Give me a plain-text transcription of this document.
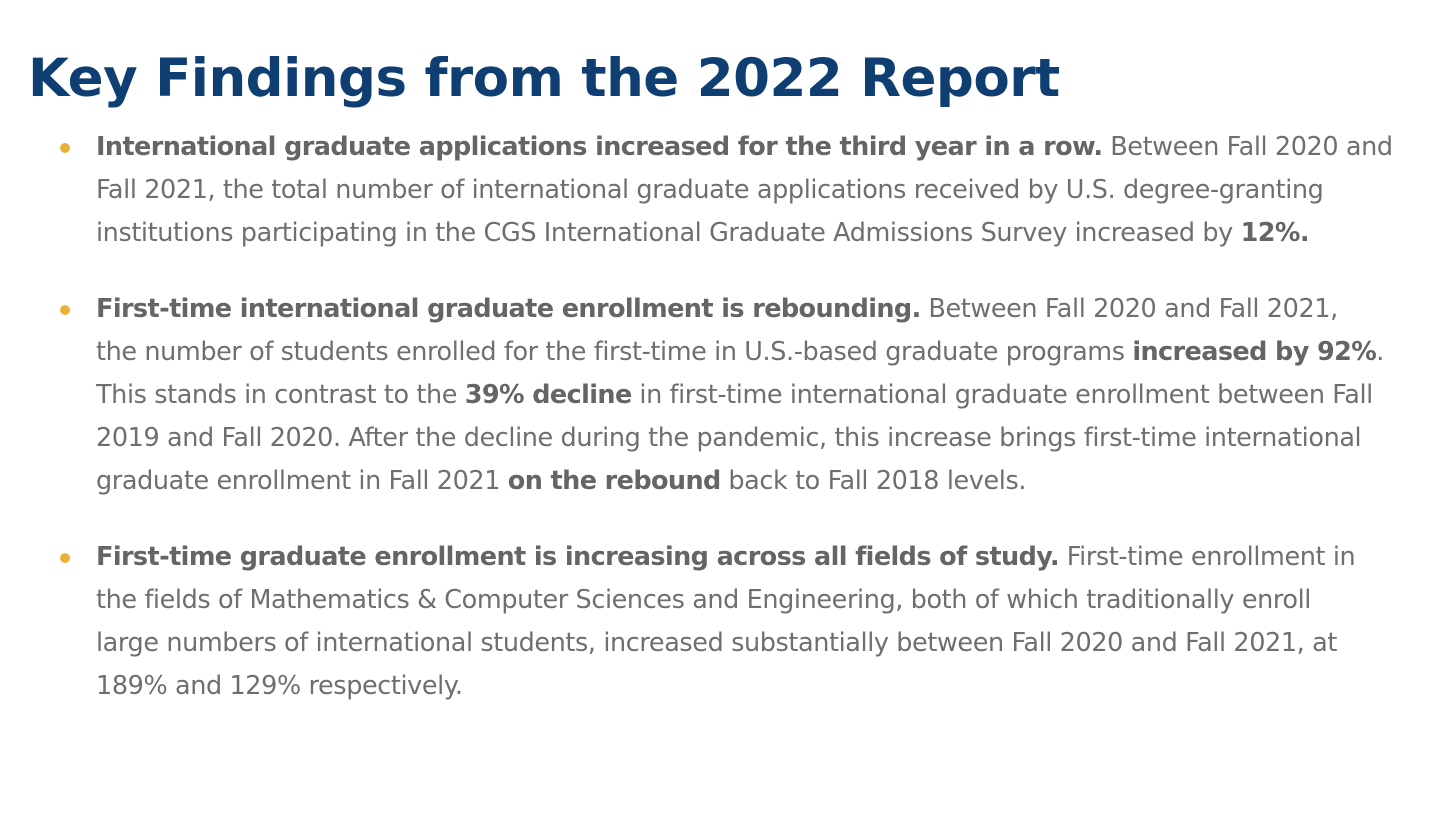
Key Findings from the 2022 Report
International graduate applications increased for the third year in a row. Between Fall 2020 and Fall 2021, the total number of international graduate applications received by U.S. degree-granting institutions participating in the CGS International Graduate Admissions Survey increased by 12%.
First-time international graduate enrollment is rebounding. Between Fall 2020 and Fall 2021, the number of students enrolled for the first-time in U.S.-based graduate programs increased by 92%. This stands in contrast to the 39% decline in first-time international graduate enrollment between Fall 2019 and Fall 2020. After the decline during the pandemic, this increase brings first-time international graduate enrollment in Fall 2021 on the rebound back to Fall 2018 levels.
First-time graduate enrollment is increasing across all fields of study. First-time enrollment in the fields of Mathematics & Computer Sciences and Engineering, both of which traditionally enroll large numbers of international students, increased substantially between Fall 2020 and Fall 2021, at 189% and 129% respectively.
